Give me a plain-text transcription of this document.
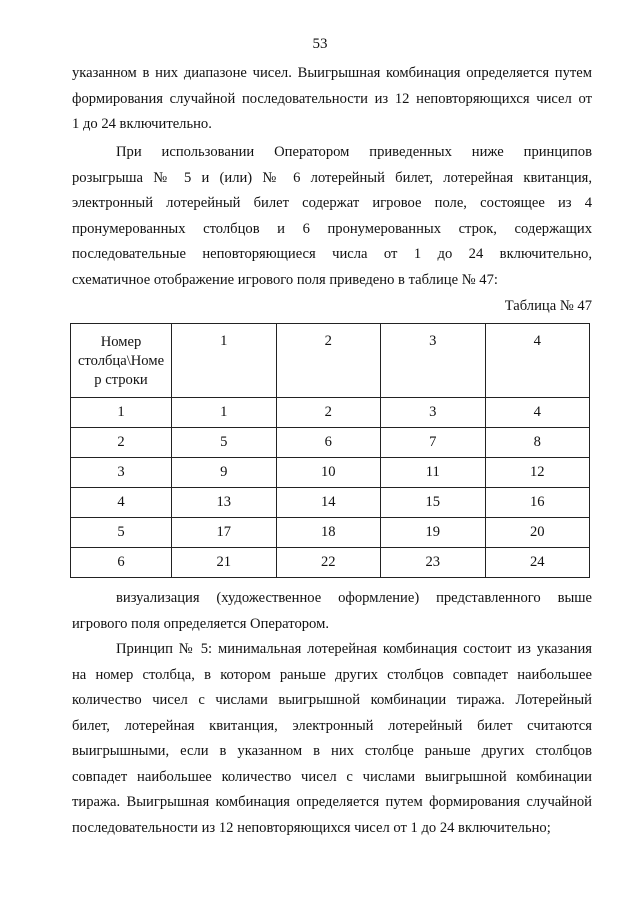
53
указанном в них диапазоне чисел. Выигрышная комбинация определяется путем
формирования случайной последовательности из 12 неповторяющихся чисел от
1 до 24 включительно.
При использовании Оператором приведенных ниже принципов
розыгрыша № 5 и (или) № 6 лотерейный билет, лотерейная квитанция,
электронный лотерейный билет содержат игровое поле, состоящее из 4
пронумерованных столбцов и 6 пронумерованных строк, содержащих
последовательные неповторяющиеся числа от 1 до 24 включительно,
схематичное отображение игрового поля приведено в таблице № 47:
Таблица № 47
Номер
столбца\Номе
р строки	1	2	3	4
1	1	2	3	4
2	5	6	7	8
3	9	10	11	12
4	13	14	15	16
5	17	18	19	20
6	21	22	23	24
визуализация (художественное оформление) представленного выше
игрового поля определяется Оператором.
Принцип № 5: минимальная лотерейная комбинация состоит из указания
на номер столбца, в котором раньше других столбцов совпадет наибольшее
количество чисел с числами выигрышной комбинации тиража. Лотерейный
билет, лотерейная квитанция, электронный лотерейный билет считаются
выигрышными, если в указанном в них столбце раньше других столбцов
совпадет наибольшее количество чисел с числами выигрышной комбинации
тиража. Выигрышная комбинация определяется путем формирования случайной
последовательности из 12 неповторяющихся чисел от 1 до 24 включительно;
